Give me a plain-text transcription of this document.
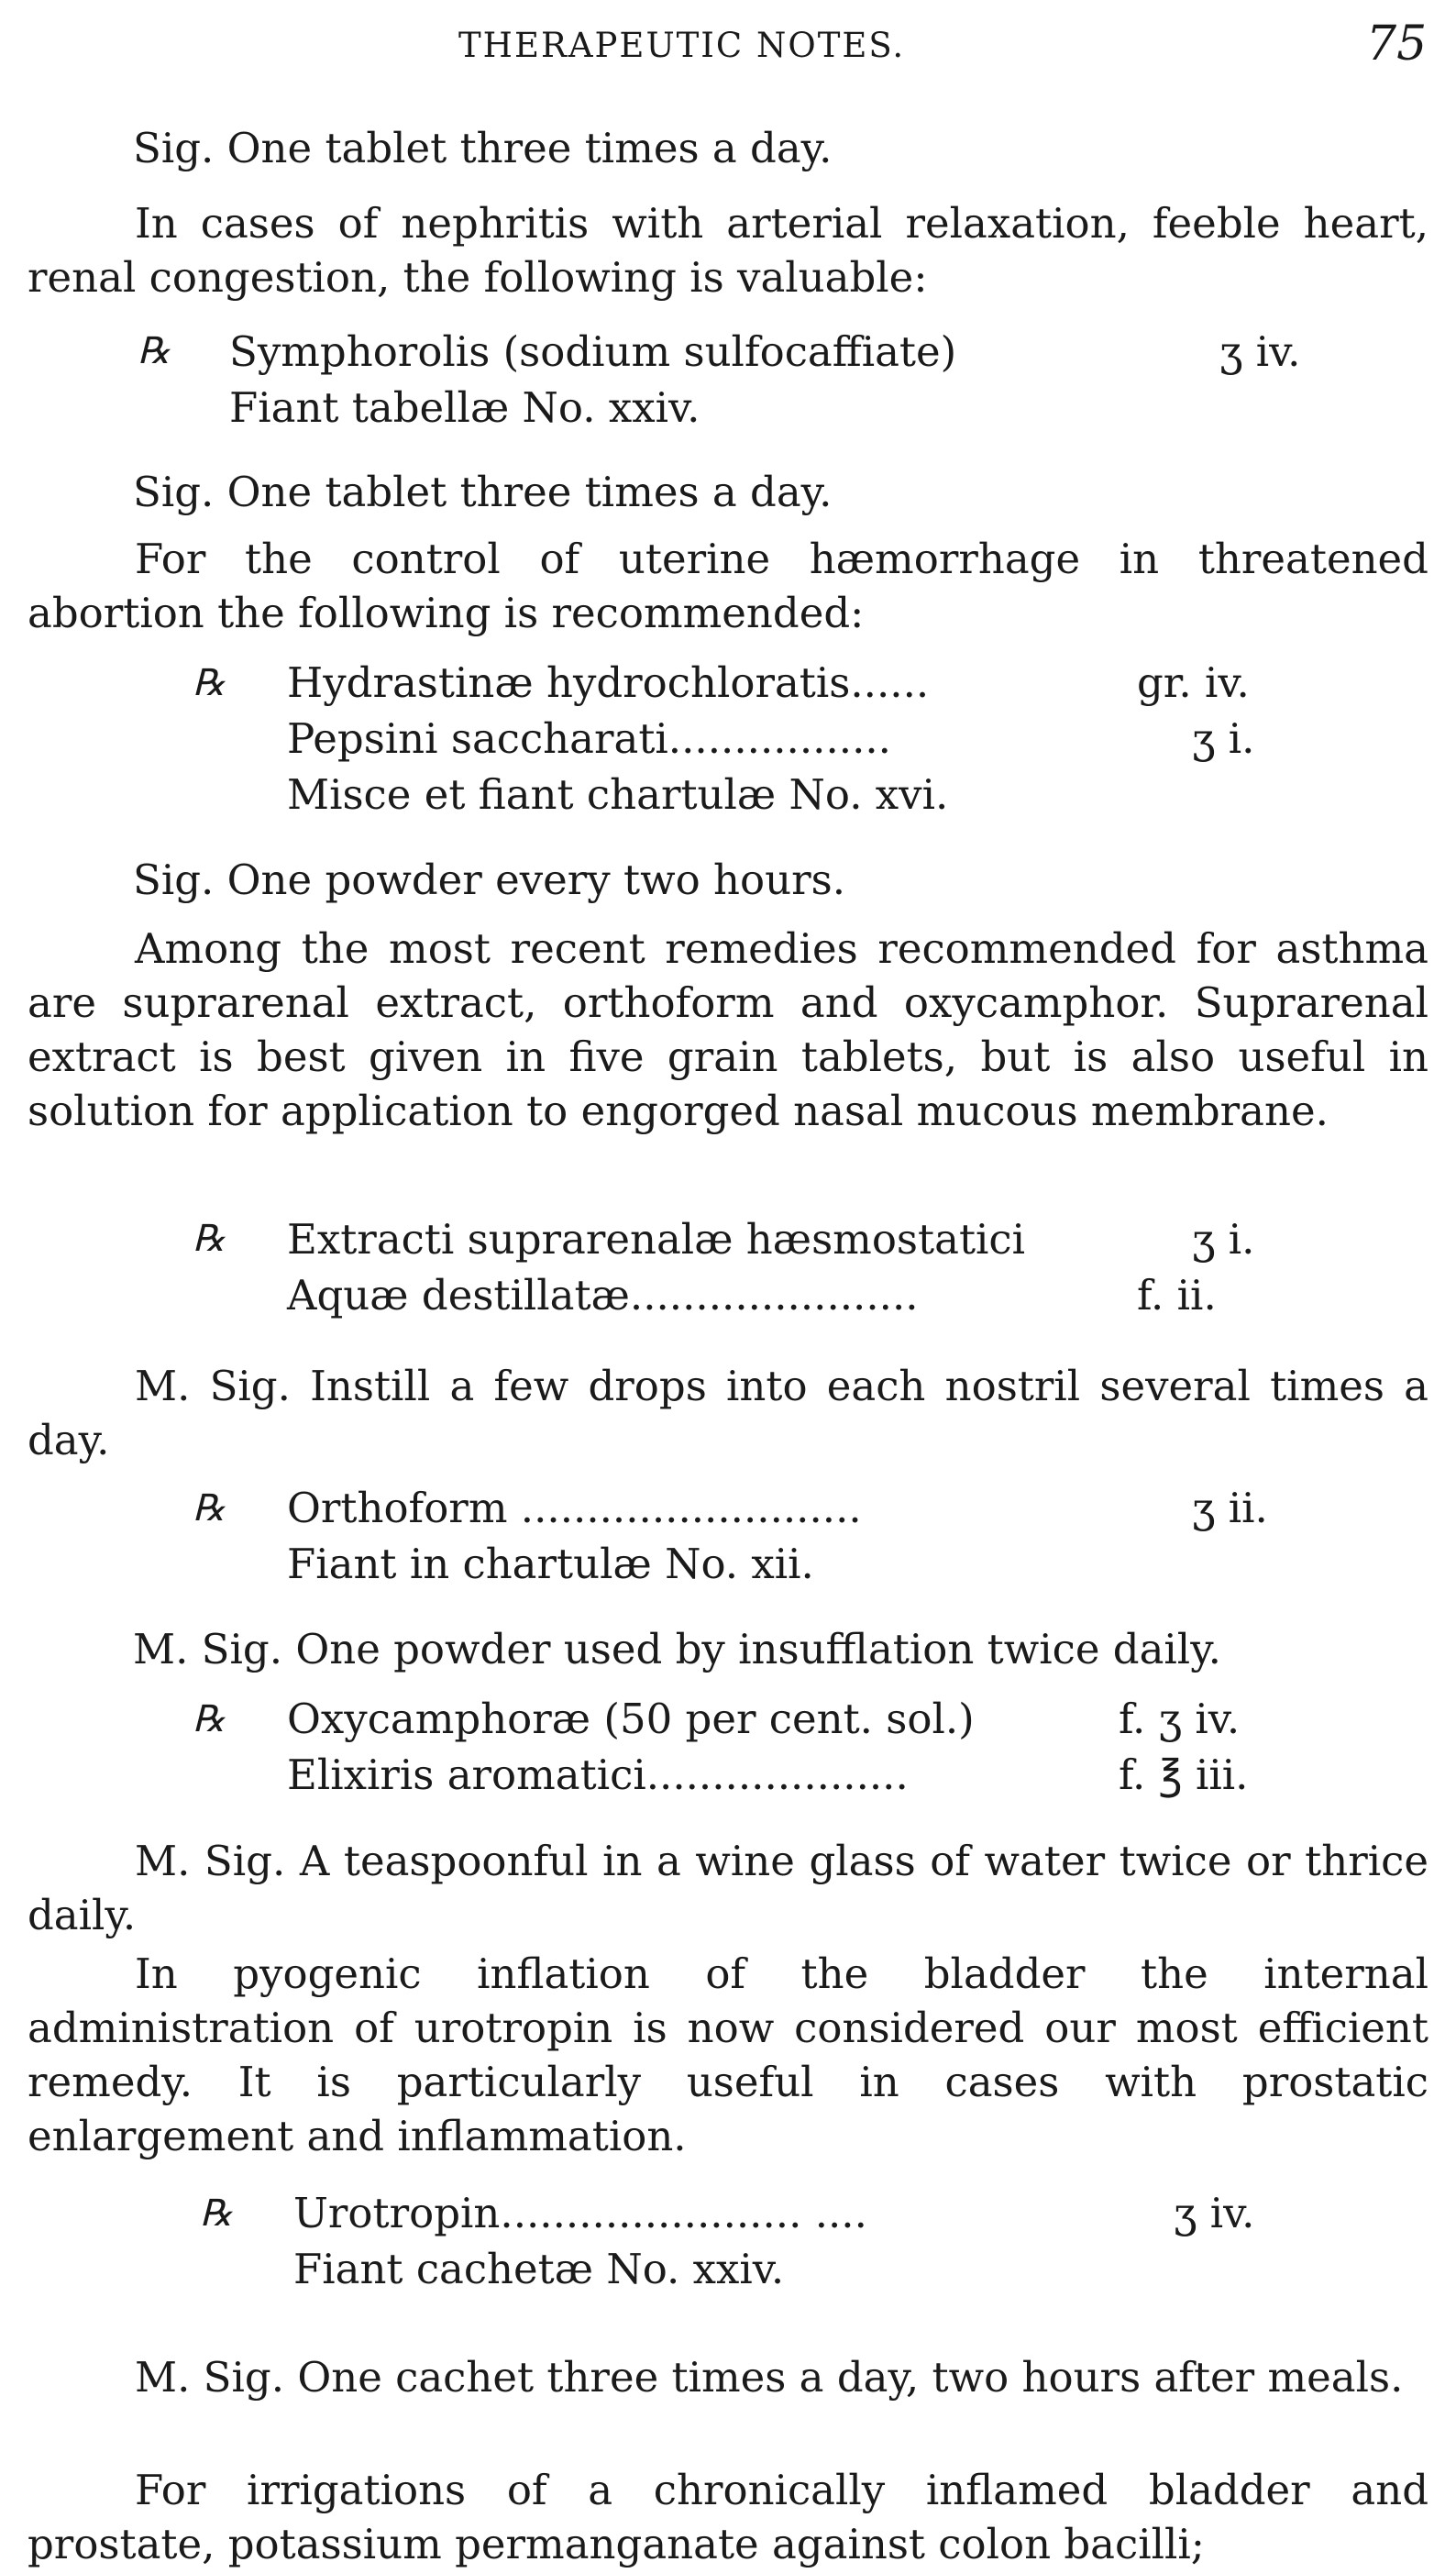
THERAPEUTIC NOTES.	75
Sig. One tablet three times a day.
In cases of nephritis with arterial relaxation, feeble heart, renal congestion, the following is valuable:
℞ Symphorolis (sodium sulfocaffiate)	ʒ iv.
Fiant tabellæ No. xxiv.
Sig. One tablet three times a day.
For the control of uterine hæmorrhage in threatened abortion the following is recommended:
℞ Hydrastinæ hydrochloratis......	gr. iv.
Pepsini saccharati.................	ʒ i.
Misce et fiant chartulæ No. xvi.
Sig. One powder every two hours.
Among the most recent remedies recommended for asthma are suprarenal extract, orthoform and oxycamphor. Suprarenal extract is best given in five grain tablets, but is also useful in solution for application to engorged nasal mucous membrane.
℞ Extracti suprarenalæ hæsmostatici	ʒ i.
Aquæ destillatæ......................	f. ii.
M. Sig. Instill a few drops into each nostril several times a day.
℞ Orthoform ..........................	ʒ ii.
Fiant in chartulæ No. xii.
M. Sig. One powder used by insufflation twice daily.
℞ Oxycamphoræ (50 per cent. sol.)	f. ʒ iv.
Elixiris aromatici....................	f. ℥ iii.
M. Sig. A teaspoonful in a wine glass of water twice or thrice daily.
In pyogenic inflation of the bladder the internal administration of urotropin is now considered our most efficient remedy. It is particularly useful in cases with prostatic enlargement and inflammation.
℞ Urotropin....................... ....	ʒ iv.
Fiant cachetæ No. xxiv.
M. Sig. One cachet three times a day, two hours after meals.
For irrigations of a chronically inflamed bladder and prostate, potassium permanganate against colon bacilli;
